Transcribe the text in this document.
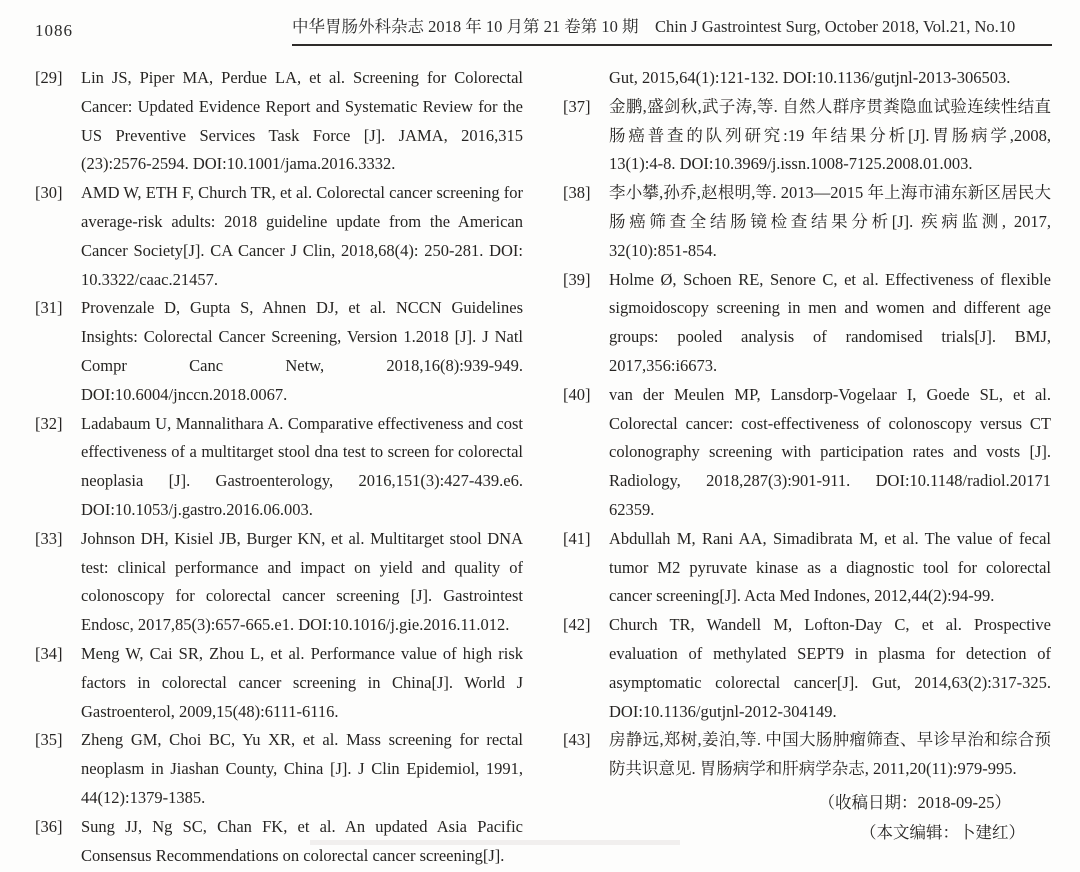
1086	中华胃肠外科杂志 2018 年 10 月第 21 卷第 10 期　Chin J Gastrointest Surg, October 2018, Vol.21, No.10
[29]	Lin JS, Piper MA, Perdue LA, et al. Screening for Colorectal Cancer: Updated Evidence Report and Systematic Review for the US Preventive Services Task Force [J]. JAMA, 2016,315 (23):2576-2594. DOI:10.1001/jama.2016.3332.

[30]	AMD W, ETH F, Church TR, et al. Colorectal cancer screening for average-risk adults: 2018 guideline update from the American Cancer Society[J]. CA Cancer J Clin, 2018,68(4): 250-281. DOI: 10.3322/caac.21457.

[31]	Provenzale D, Gupta S, Ahnen DJ, et al. NCCN Guidelines Insights: Colorectal Cancer Screening, Version 1.2018 [J]. J Natl Compr Canc Netw, 2018,16(8):939-949. DOI:10.6004/jnccn.2018.0067.

[32]	Ladabaum U, Mannalithara A. Comparative effectiveness and cost effectiveness of a multitarget stool dna test to screen for colorectal neoplasia [J]. Gastroenterology, 2016,151(3):427-439.e6. DOI:10.1053/j.gastro.2016.06.003.

[33]	Johnson DH, Kisiel JB, Burger KN, et al. Multitarget stool DNA test: clinical performance and impact on yield and quality of colonoscopy for colorectal cancer screening [J]. Gastrointest Endosc, 2017,85(3):657-665.e1. DOI:10.1016/j.gie.2016.11.012.

[34]	Meng W, Cai SR, Zhou L, et al. Performance value of high risk factors in colorectal cancer screening in China[J]. World J Gastroenterol, 2009,15(48):6111-6116.

[35]	Zheng GM, Choi BC, Yu XR, et al. Mass screening for rectal neoplasm in Jiashan County, China [J]. J Clin Epidemiol, 1991, 44(12):1379-1385.

[36]	Sung JJ, Ng SC, Chan FK, et al. An updated Asia Pacific Consensus Recommendations on colorectal cancer screening[J].

Gut, 2015,64(1):121-132. DOI:10.1136/gutjnl-2013-306503.

[37]	金鹏,盛剑秋,武子涛,等. 自然人群序贯粪隐血试验连续性结直肠癌普查的队列研究:19 年结果分析[J].胃肠病学,2008, 13(1):4-8. DOI:10.3969/j.issn.1008-7125.2008.01.003.

[38]	李小攀,孙乔,赵根明,等. 2013—2015 年上海市浦东新区居民大肠癌筛查全结肠镜检查结果分析[J]. 疾病监测, 2017, 32(10):851-854.

[39]	Holme Ø, Schoen RE, Senore C, et al. Effectiveness of flexible sigmoidoscopy screening in men and women and different age groups: pooled analysis of randomised trials[J]. BMJ, 2017,356:i6673.

[40]	van der Meulen MP, Lansdorp-Vogelaar I, Goede SL, et al. Colorectal cancer: cost-effectiveness of colonoscopy versus CT colonography screening with participation rates and vosts [J]. Radiology, 2018,287(3):901-911. DOI:10.1148/radiol.20171 62359.

[41]	Abdullah M, Rani AA, Simadibrata M, et al. The value of fecal tumor M2 pyruvate kinase as a diagnostic tool for colorectal cancer screening[J]. Acta Med Indones, 2012,44(2):94-99.

[42]	Church TR, Wandell M, Lofton-Day C, et al. Prospective evaluation of methylated SEPT9 in plasma for detection of asymptomatic colorectal cancer[J]. Gut, 2014,63(2):317-325. DOI:10.1136/gutjnl-2012-304149.

[43]	房静远,郑树,姜泊,等. 中国大肠肿瘤筛查、早诊早治和综合预防共识意见. 胃肠病学和肝病学杂志, 2011,20(11):979-995.

（收稿日期：2018-09-25）
（本文编辑：卜建红）
